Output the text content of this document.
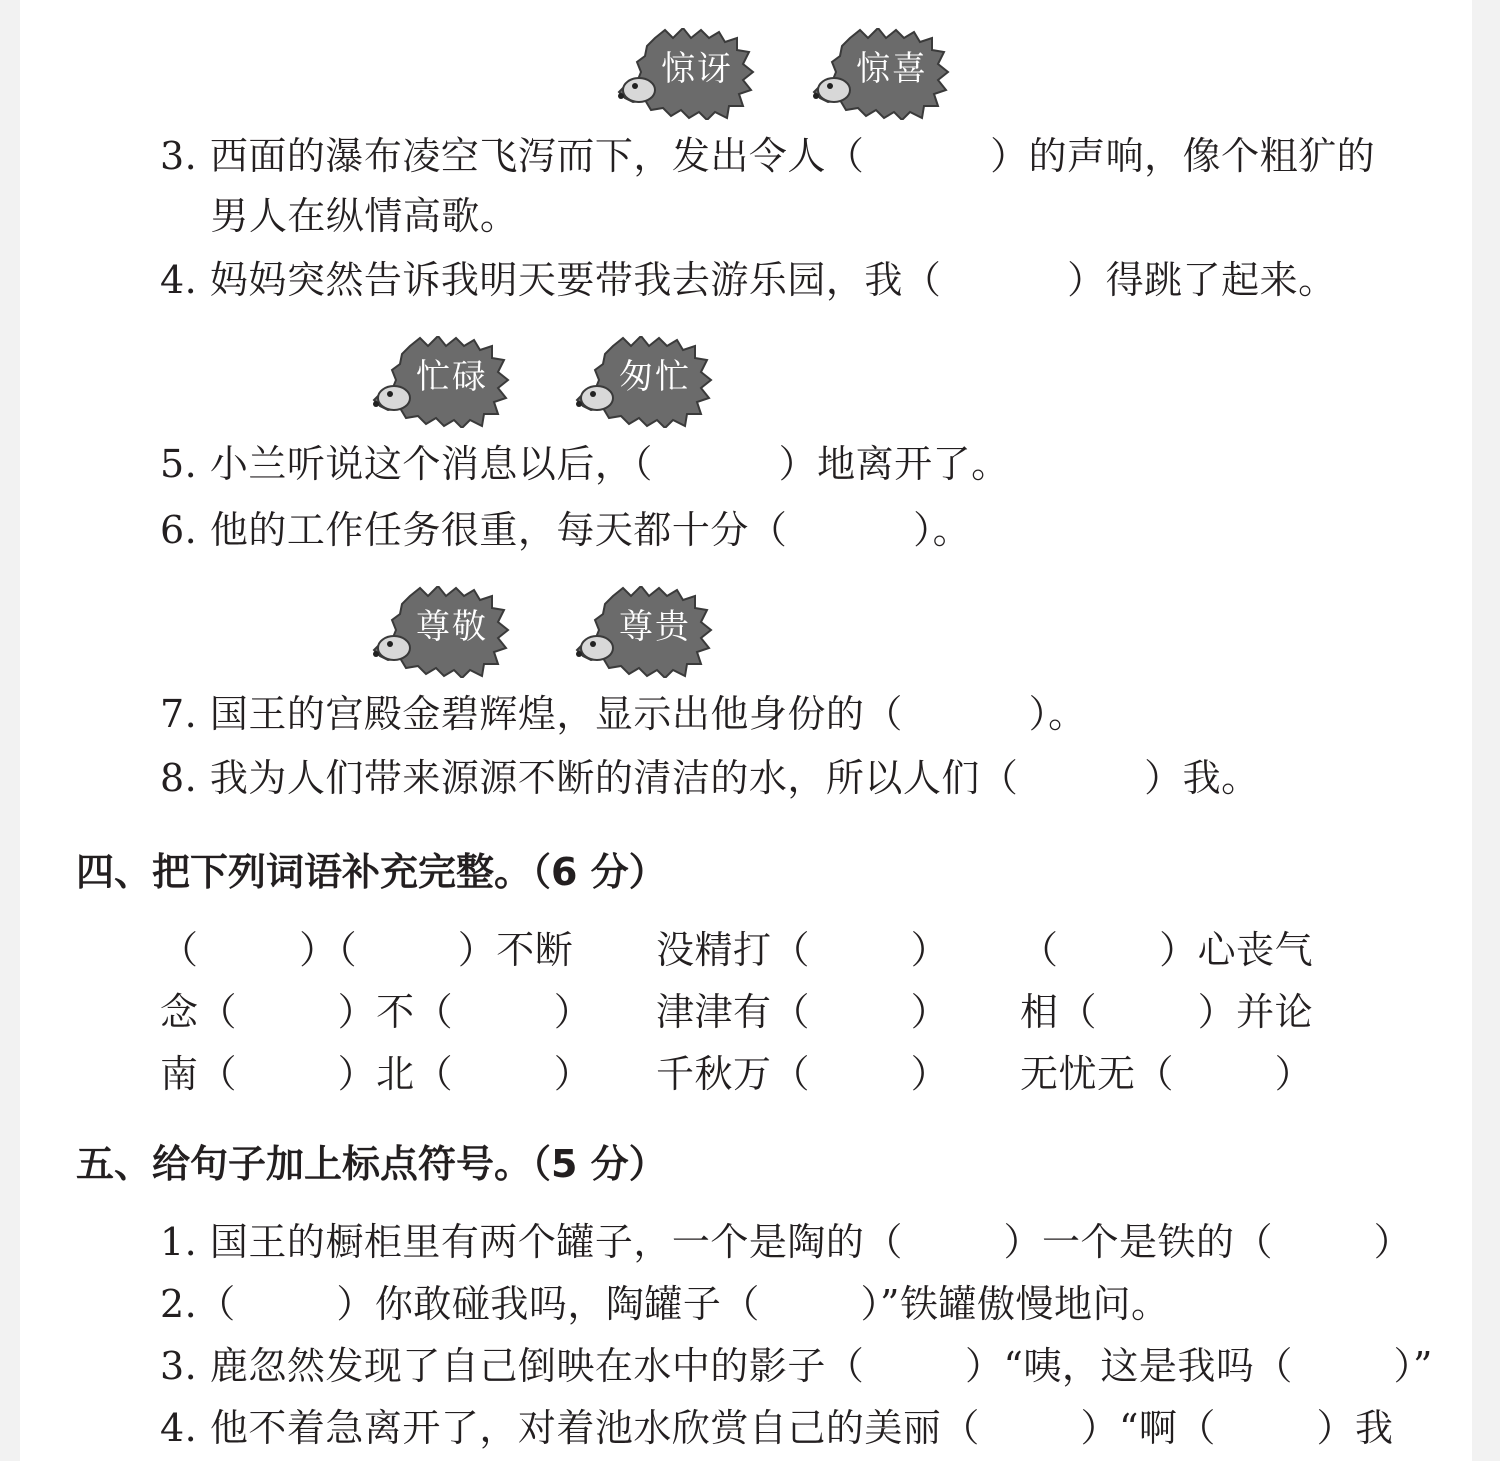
惊讶	惊喜
3. 西面的瀑布凌空飞泻而下，发出令人（          ）的声响，像个粗犷的
男人在纵情高歌。
4. 妈妈突然告诉我明天要带我去游乐园，我（          ）得跳了起来。
忙碌	匆忙
5. 小兰听说这个消息以后，（          ）地离开了。
6. 他的工作任务很重，每天都十分（          ）。
尊敬	尊贵
7. 国王的宫殿金碧辉煌，显示出他身份的（          ）。
8. 我为人们带来源源不断的清洁的水，所以人们（          ）我。
四、把下列词语补充完整。（6 分）
（        ）（        ）不断 没精打（        ） （        ）心丧气
念（        ）不（        ） 津津有（        ） 相（        ）并论
南（        ）北（        ） 千秋万（        ） 无忧无（        ）
五、给句子加上标点符号。（5 分）
1. 国王的橱柜里有两个罐子，一个是陶的（        ）一个是铁的（        ）
2.（        ）你敢碰我吗，陶罐子（        ）”铁罐傲慢地问。
3. 鹿忽然发现了自己倒映在水中的影子（        ）“咦，这是我吗（        ）”
4. 他不着急离开了，对着池水欣赏自己的美丽（        ）“啊（        ）我
